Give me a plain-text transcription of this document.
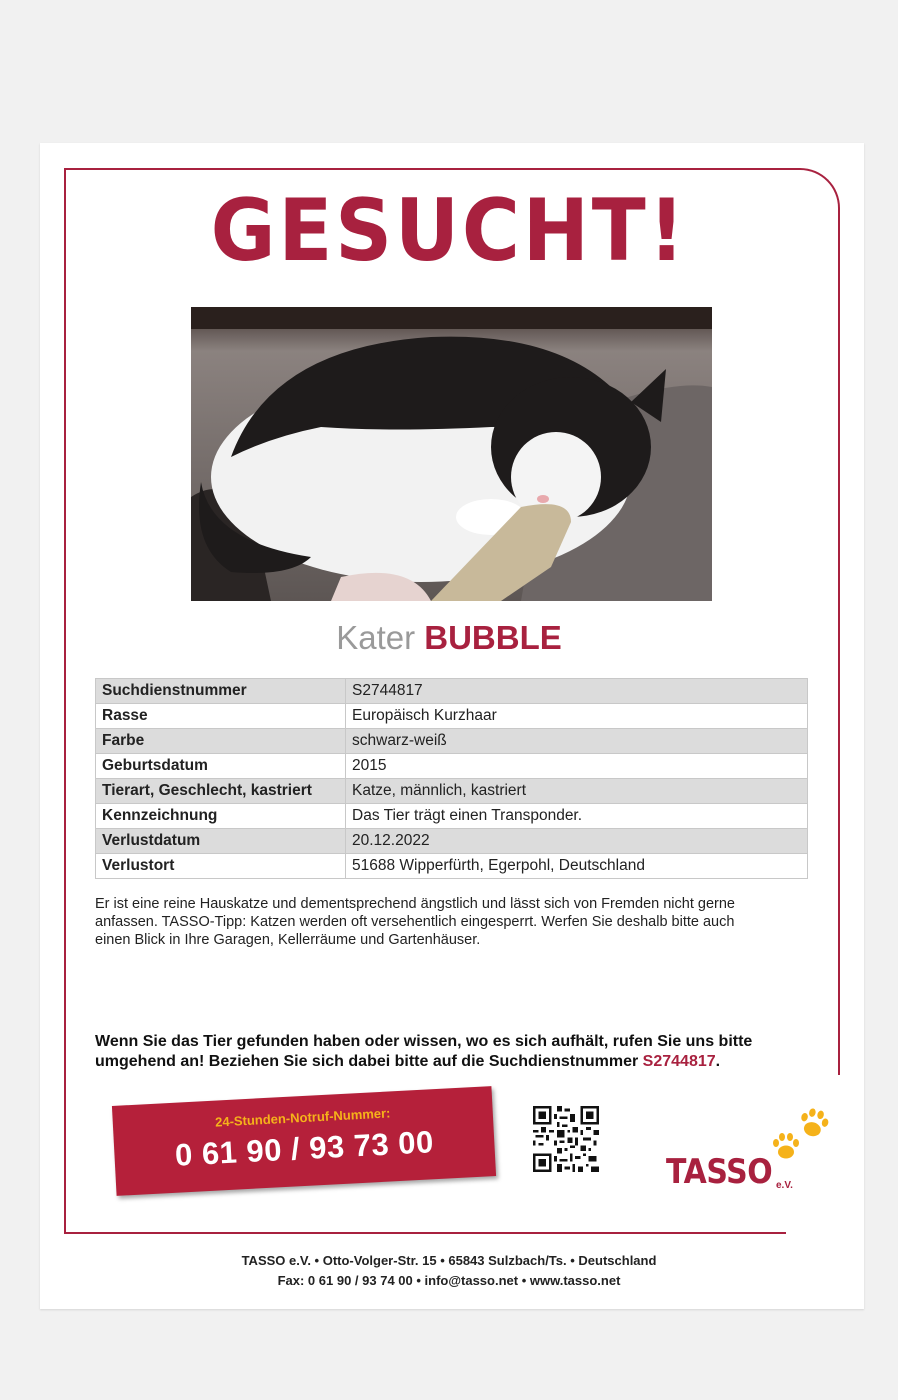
GESUCHT!
Kater BUBBLE
Suchdienstnummer	S2744817
Rasse	Europäisch Kurzhaar
Farbe	schwarz-weiß
Geburtsdatum	2015
Tierart, Geschlecht, kastriert	Katze, männlich, kastriert
Kennzeichnung	Das Tier trägt einen Transponder.
Verlustdatum	20.12.2022
Verlustort	51688 Wipperfürth, Egerpohl, Deutschland
Er ist eine reine Hauskatze und dementsprechend ängstlich und lässt sich von Fremden nicht gerne
anfassen. TASSO-Tipp: Katzen werden oft versehentlich eingesperrt. Werfen Sie deshalb bitte auch
einen Blick in Ihre Garagen, Kellerräume und Gartenhäuser.
Wenn Sie das Tier gefunden haben oder wissen, wo es sich aufhält, rufen Sie uns bitte
umgehend an! Beziehen Sie sich dabei bitte auf die Suchdienstnummer S2744817.
24-Stunden-Notruf-Nummer:
0 61 90 / 93 73 00	TASSO e.V.
TASSO e.V. • Otto-Volger-Str. 15 • 65843 Sulzbach/Ts. • Deutschland
Fax: 0 61 90 / 93 74 00 • info@tasso.net • www.tasso.net
